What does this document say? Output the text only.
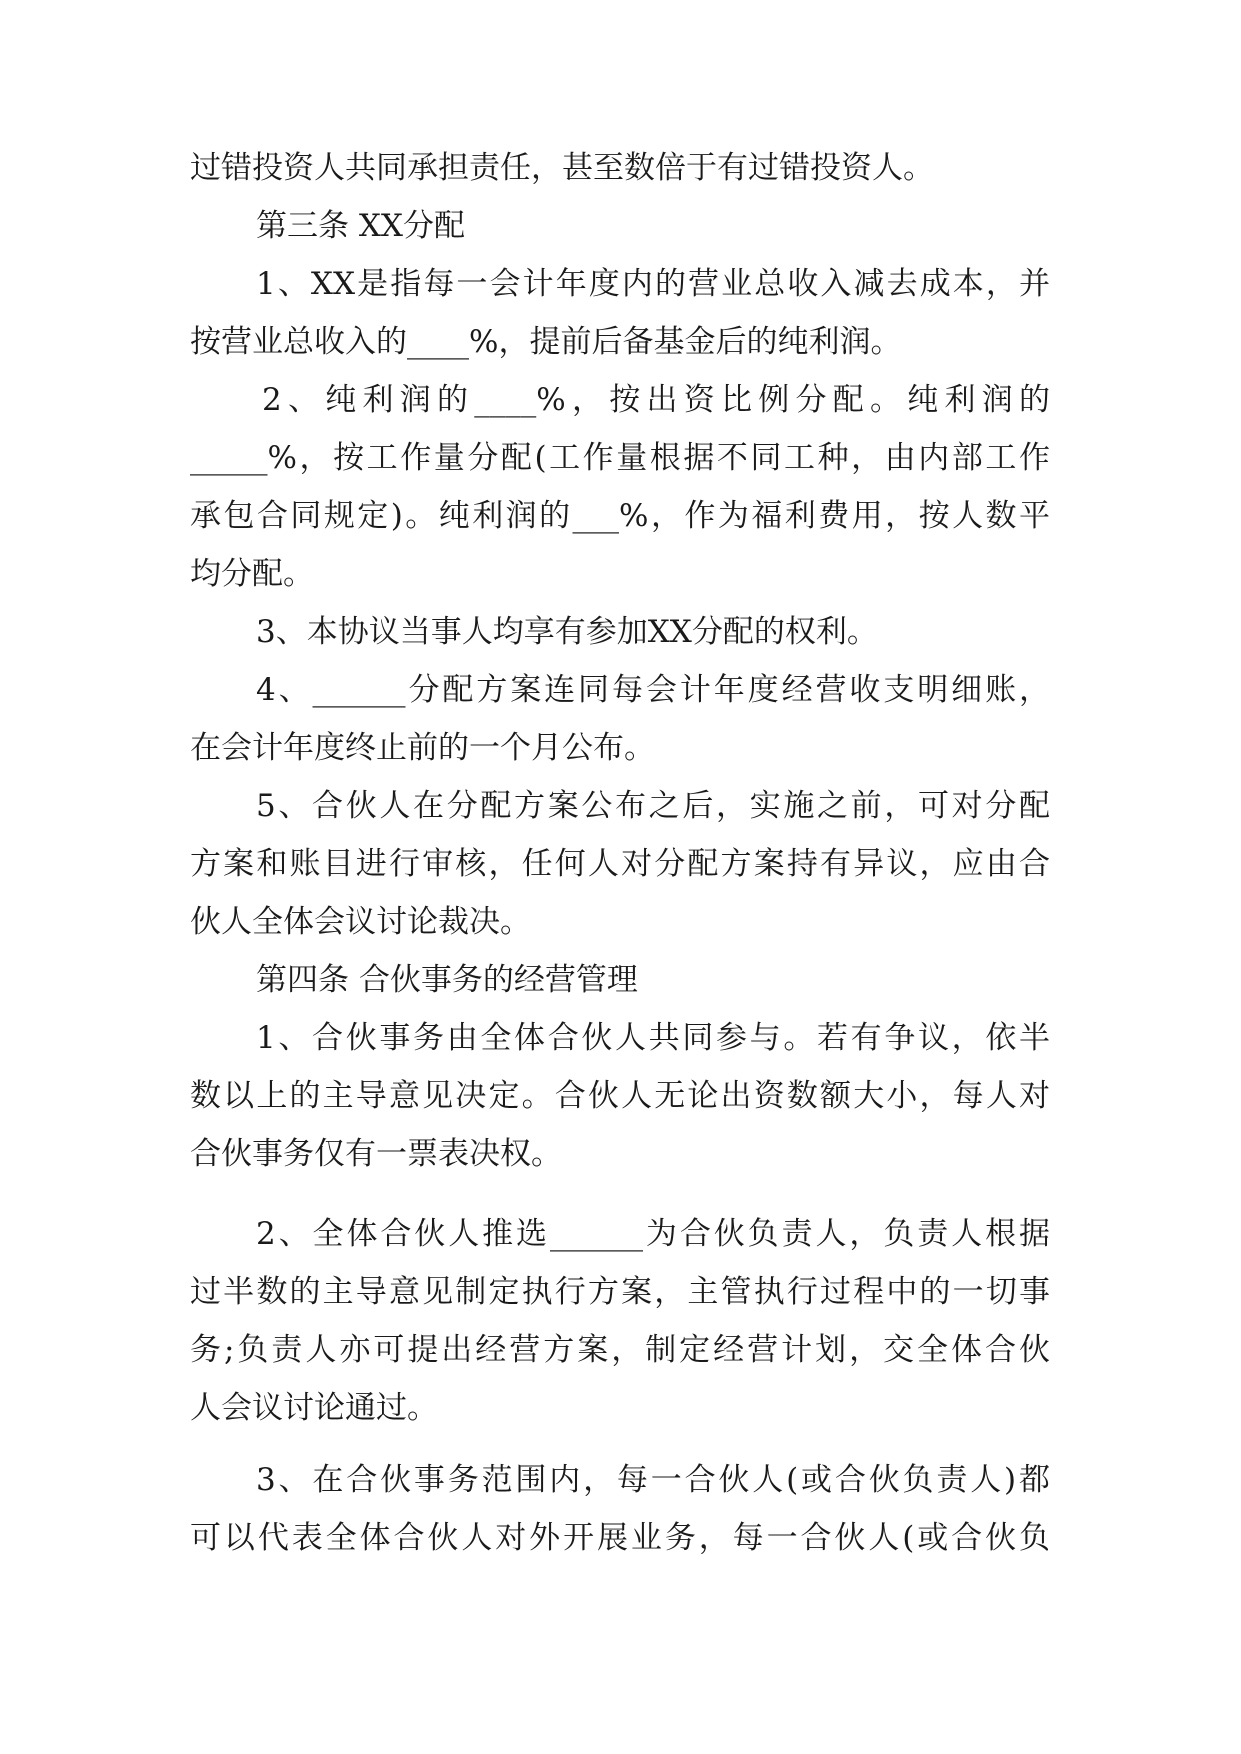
过错投资人共同承担责任，甚至数倍于有过错投资人。
第三条 XX分配
1、XX是指每一会计年度内的营业总收入减去成本，并
按营业总收入的____%，提前后备基金后的纯利润。
2、纯利润的____%，按出资比例分配。纯利润的
_____%，按工作量分配(工作量根据不同工种，由内部工作
承包合同规定)。纯利润的___%，作为福利费用，按人数平
均分配。
3、本协议当事人均享有参加XX分配的权利。
4、______分配方案连同每会计年度经营收支明细账，
在会计年度终止前的一个月公布。
5、合伙人在分配方案公布之后，实施之前，可对分配
方案和账目进行审核，任何人对分配方案持有异议，应由合
伙人全体会议讨论裁决。
第四条 合伙事务的经营管理
1、合伙事务由全体合伙人共同参与。若有争议，依半
数以上的主导意见决定。合伙人无论出资数额大小，每人对
合伙事务仅有一票表决权。
2、全体合伙人推选______为合伙负责人，负责人根据
过半数的主导意见制定执行方案，主管执行过程中的一切事
务;负责人亦可提出经营方案，制定经营计划，交全体合伙
人会议讨论通过。
3、在合伙事务范围内，每一合伙人(或合伙负责人)都
可以代表全体合伙人对外开展业务，每一合伙人(或合伙负
